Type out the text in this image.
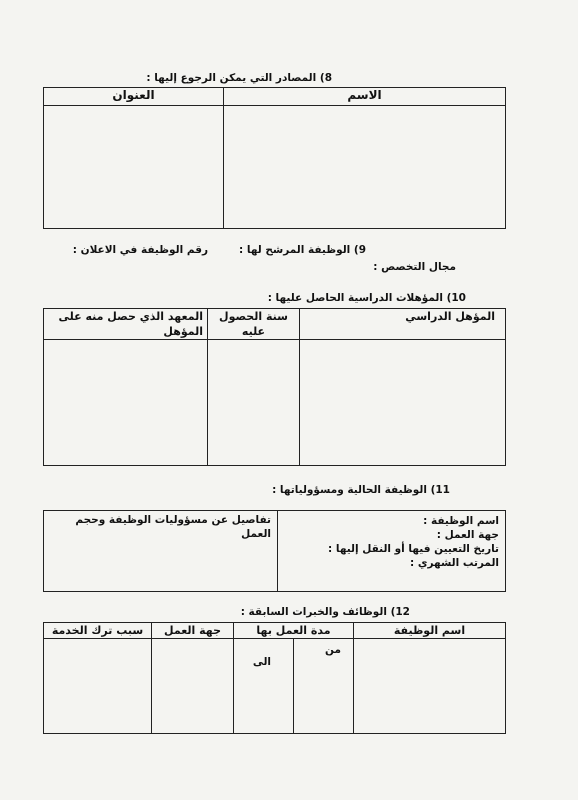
8) المصادر التي يمكن الرجوع إليها :
الاسم	العنوان

9) الوظيفة المرشح لها :
رقم الوظيفة في الاعلان :
مجال التخصص :
10) المؤهلات الدراسية الحاصل عليها :
المؤهل الدراسي	سنة الحصول عليه	المعهد الذي حصل منه على المؤهل

11) الوظيفة الحالية ومسؤولياتها :
اسم الوظيفة :
جهة العمل :
تاريخ التعيين فيها أو النقل إليها :
المرتب الشهري :

تفاصيل عن مسؤوليات الوظيفة وحجم العمل
12) الوظائف والخبرات السابقة :
اسم الوظيفة	مدة العمل بها		جهة العمل	سبب ترك الخدمة

	من	الى		
